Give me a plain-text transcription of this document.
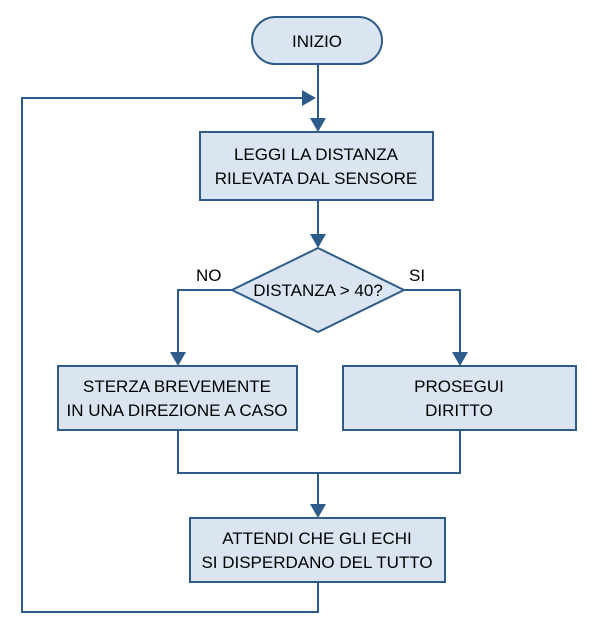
INIZIO
LEGGI LA DISTANZA
RILEVATA DAL SENSORE
DISTANZA > 40?
STERZA BREVEMENTE
IN UNA DIREZIONE A CASO
PROSEGUI
DIRITTO
ATTENDI CHE GLI ECHI
SI DISPERDANO DEL TUTTO
NO	SI
